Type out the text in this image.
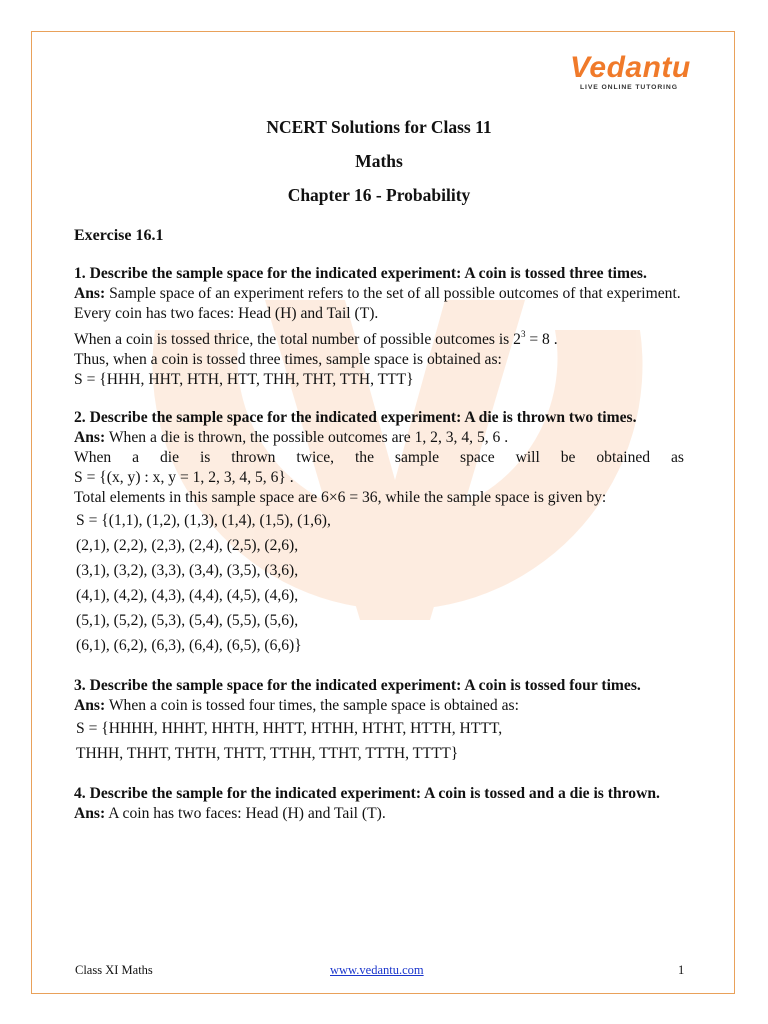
Vedantu
LIVE ONLINE TUTORING
NCERT Solutions for Class 11
Maths
Chapter 16 - Probability
Exercise 16.1
1. Describe the sample space for the indicated experiment: A coin is tossed three times.

Ans: Sample space of an experiment refers to the set of all possible outcomes of that experiment.

Every coin has two faces: Head (H) and Tail (T).

When a coin is tossed thrice, the total number of possible outcomes is $2^3 = 8$ .

Thus, when a coin is tossed three times, sample space is obtained as:

S = {HHH, HHT, HTH, HTT, THH, THT, TTH, TTT}

2. Describe the sample space for the indicated experiment: A die is thrown two times.

Ans: When a die is thrown, the possible outcomes are 1, 2, 3, 4, 5, 6 .

When a die is thrown twice, the sample space will be obtained as

S = {(x, y) : x, y = 1, 2, 3, 4, 5, 6} .

Total elements in this sample space are 6×6 = 36, while the sample space is given by:

S = {(1,1), (1,2), (1,3), (1,4), (1,5), (1,6),

(2,1), (2,2), (2,3), (2,4), (2,5), (2,6),

(3,1), (3,2), (3,3), (3,4), (3,5), (3,6),

(4,1), (4,2), (4,3), (4,4), (4,5), (4,6),

(5,1), (5,2), (5,3), (5,4), (5,5), (5,6),

(6,1), (6,2), (6,3), (6,4), (6,5), (6,6)}

3. Describe the sample space for the indicated experiment: A coin is tossed four times.

Ans: When a coin is tossed four times, the sample space is obtained as:

S = {HHHH, HHHT, HHTH, HHTT, HTHH, HTHT, HTTH, HTTT,

THHH, THHT, THTH, THTT, TTHH, TTHT, TTTH, TTTT}

4. Describe the sample for the indicated experiment: A coin is tossed and a die is thrown.

Ans: A coin has two faces: Head (H) and Tail (T).

Class XI Maths	www.vedantu.com	1
